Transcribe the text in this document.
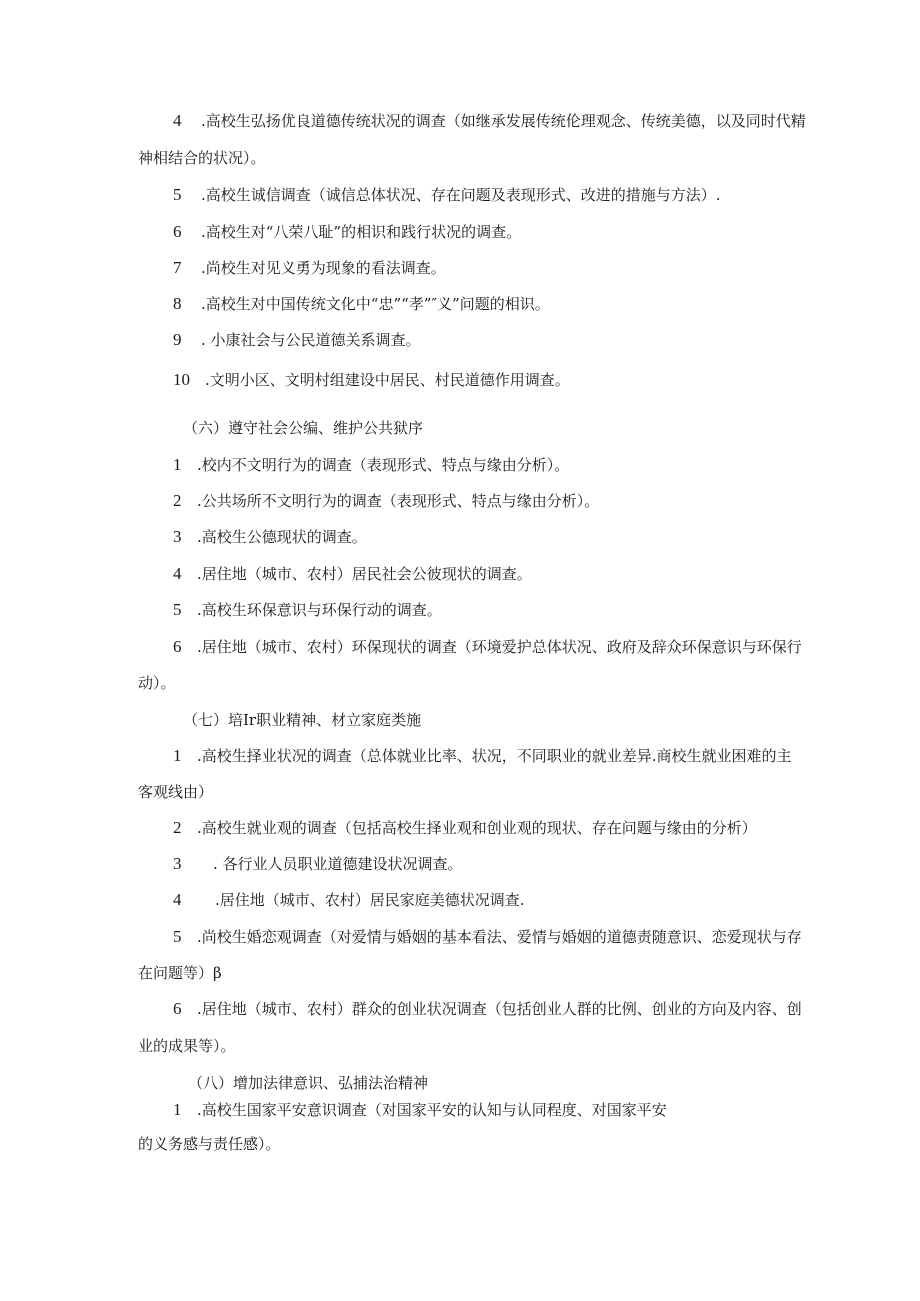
4 .高校生弘扬优良道德传统状况的调查（如继承发展传统伦理观念、传统美德，以及同时代精
神相结合的状况）。
5 .高校生诚信调查（诚信总体状况、存在问题及表现形式、改进的措施与方法）.
6 .高校生对“八荣八耻”的相识和践行状况的调查。
7 .尚校生对见义勇为现象的看法调查。
8 .高校生对中国传统文化中“忠”“孝”″义”问题的相识。
9 . 小康社会与公民道德关系调查。
10 .文明小区、文明村组建设中居民、村民道德作用调查。
（六）遵守社会公编、维护公共狱序
1 .校内不文明行为的调查（表现形式、特点与缘由分析）。
2 .公共场所不文明行为的调查（表现形式、特点与缘由分析）。
3 .高校生公德现状的调查。
4 .居住地（城市、农村）居民社会公彼现状的调查。
5 .高校生环保意识与环保行动的调查。
6 .居住地（城市、农村）环保现状的调查（环境爱护总体状况、政府及辞众环保意识与环保行
动）。
（七）培Ir职业精神、材立家庭类施
1 .高校生择业状况的调查（总体就业比率、状况，不同职业的就业差异.商校生就业困难的主
客观线由）
2 .高校生就业观的调查（包括高校生择业观和创业观的现状、存在问题与缘由的分析）
3 . 各行业人员职业道德建设状况调查。
4 .居住地（城市、农村）居民家庭美德状况调查.
5 .尚校生婚恋观调查（对爱情与婚姻的基本看法、爱情与婚姻的道德责随意识、恋爱现状与存
在问题等）β
6 .居住地（城市、农村）群众的创业状况调查（包括创业人群的比例、创业的方向及内容、创
业的成果等）。
（八）增加法律意识、弘捕法治精神
1 .高校生国家平安意识调查（对国家平安的认知与认同程度、对国家平安
的义务感与责任感）。
